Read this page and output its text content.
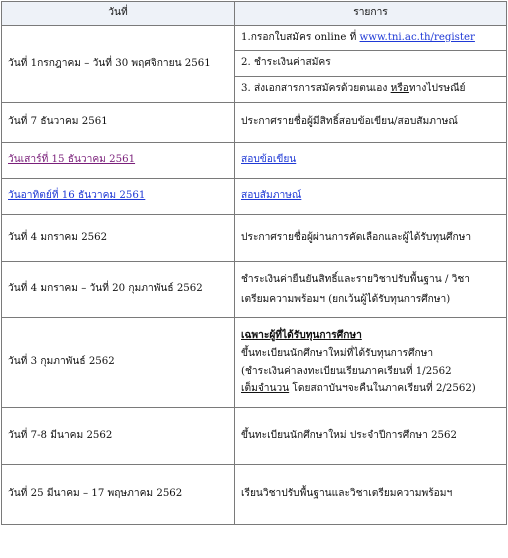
วันที่	รายการ
วันที่ 1กรกฎาคม – วันที่ 30 พฤศจิกายน 2561	1.กรอกใบสมัคร online ที่ www.tni.ac.th/register
	2. ชำระเงินค่าสมัคร
	3. ส่งเอกสารการสมัครด้วยตนเอง หรือทางไปรษณีย์
วันที่ 7 ธันวาคม 2561	ประกาศรายชื่อผู้มีสิทธิ์สอบข้อเขียน/สอบสัมภาษณ์
วันเสาร์ที่ 15 ธันวาคม 2561	สอบข้อเขียน
วันอาทิตย์ที่ 16 ธันวาคม 2561	สอบสัมภาษณ์
วันที่ 4 มกราคม 2562	ประกาศรายชื่อผู้ผ่านการคัดเลือกและผู้ได้รับทุนศึกษา
วันที่ 4 มกราคม – วันที่ 20 กุมภาพันธ์ 2562	ชำระเงินค่ายืนยันสิทธิ์และรายวิชาปรับพื้นฐาน / วิชา
เตรียมความพร้อมฯ (ยกเว้นผู้ได้รับทุนการศึกษา)

วันที่ 3 กุมภาพันธ์ 2562	เฉพาะผู้ที่ได้รับทุนการศึกษา
ขึ้นทะเบียนนักศึกษาใหม่ที่ได้รับทุนการศึกษา
(ชำระเงินค่าลงทะเบียนเรียนภาคเรียนที่ 1/2562
เต็มจำนวน โดยสถาบันฯจะคืนในภาคเรียนที่ 2/2562)

วันที่ 7-8 มีนาคม 2562	ขึ้นทะเบียนนักศึกษาใหม่ ประจำปีการศึกษา 2562
วันที่ 25 มีนาคม – 17 พฤษภาคม 2562	เรียนวิชาปรับพื้นฐานและวิชาเตรียมความพร้อมฯ
